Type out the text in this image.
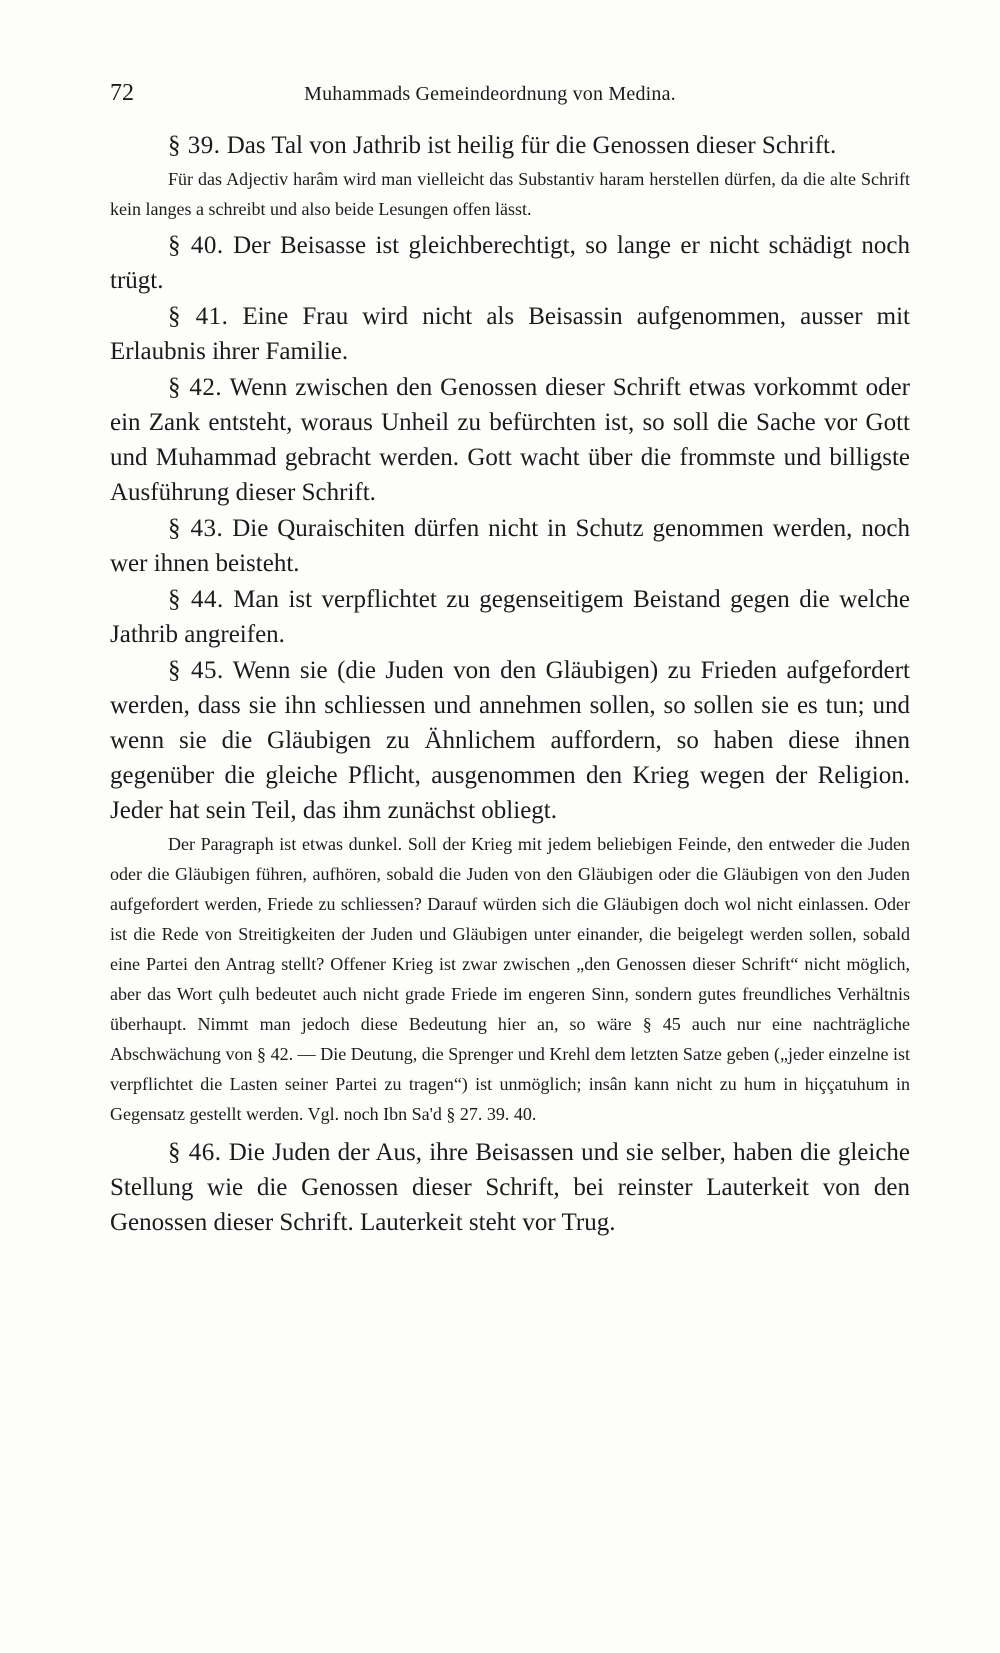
72	Muhammads Gemeindeordnung von Medina.

§ 39. Das Tal von Jathrib ist heilig für die Genossen dieser Schrift.

Für das Adjectiv harâm wird man vielleicht das Substantiv haram herstellen dürfen, da die alte Schrift kein langes a schreibt und also beide Lesungen offen lässt.

§ 40. Der Beisasse ist gleichberechtigt, so lange er nicht schädigt noch trügt.

§ 41. Eine Frau wird nicht als Beisassin aufgenommen, ausser mit Erlaubnis ihrer Familie.

§ 42. Wenn zwischen den Genossen dieser Schrift etwas vorkommt oder ein Zank entsteht, woraus Unheil zu befürchten ist, so soll die Sache vor Gott und Muhammad gebracht werden. Gott wacht über die frommste und billigste Ausführung dieser Schrift.

§ 43. Die Quraischiten dürfen nicht in Schutz genommen werden, noch wer ihnen beisteht.

§ 44. Man ist verpflichtet zu gegenseitigem Beistand gegen die welche Jathrib angreifen.

§ 45. Wenn sie (die Juden von den Gläubigen) zu Frieden aufgefordert werden, dass sie ihn schliessen und annehmen sollen, so sollen sie es tun; und wenn sie die Gläubigen zu Ähnlichem auffordern, so haben diese ihnen gegenüber die gleiche Pflicht, ausgenommen den Krieg wegen der Religion. Jeder hat sein Teil, das ihm zunächst obliegt.

Der Paragraph ist etwas dunkel. Soll der Krieg mit jedem beliebigen Feinde, den entweder die Juden oder die Gläubigen führen, aufhören, sobald die Juden von den Gläubigen oder die Gläubigen von den Juden aufgefordert werden, Friede zu schliessen? Darauf würden sich die Gläubigen doch wol nicht einlassen. Oder ist die Rede von Streitigkeiten der Juden und Gläubigen unter einander, die beigelegt werden sollen, sobald eine Partei den Antrag stellt? Offener Krieg ist zwar zwischen „den Genossen dieser Schrift“ nicht möglich, aber das Wort çulh bedeutet auch nicht grade Friede im engeren Sinn, sondern gutes freundliches Verhältnis überhaupt. Nimmt man jedoch diese Bedeutung hier an, so wäre § 45 auch nur eine nachträgliche Abschwächung von § 42. — Die Deutung, die Sprenger und Krehl dem letzten Satze geben („jeder einzelne ist verpflichtet die Lasten seiner Partei zu tragen“) ist unmöglich; insân kann nicht zu hum in hiççatuhum in Gegensatz gestellt werden. Vgl. noch Ibn Sa'd § 27. 39. 40.

§ 46. Die Juden der Aus, ihre Beisassen und sie selber, haben die gleiche Stellung wie die Genossen dieser Schrift, bei reinster Lauterkeit von den Genossen dieser Schrift. Lauterkeit steht vor Trug.
